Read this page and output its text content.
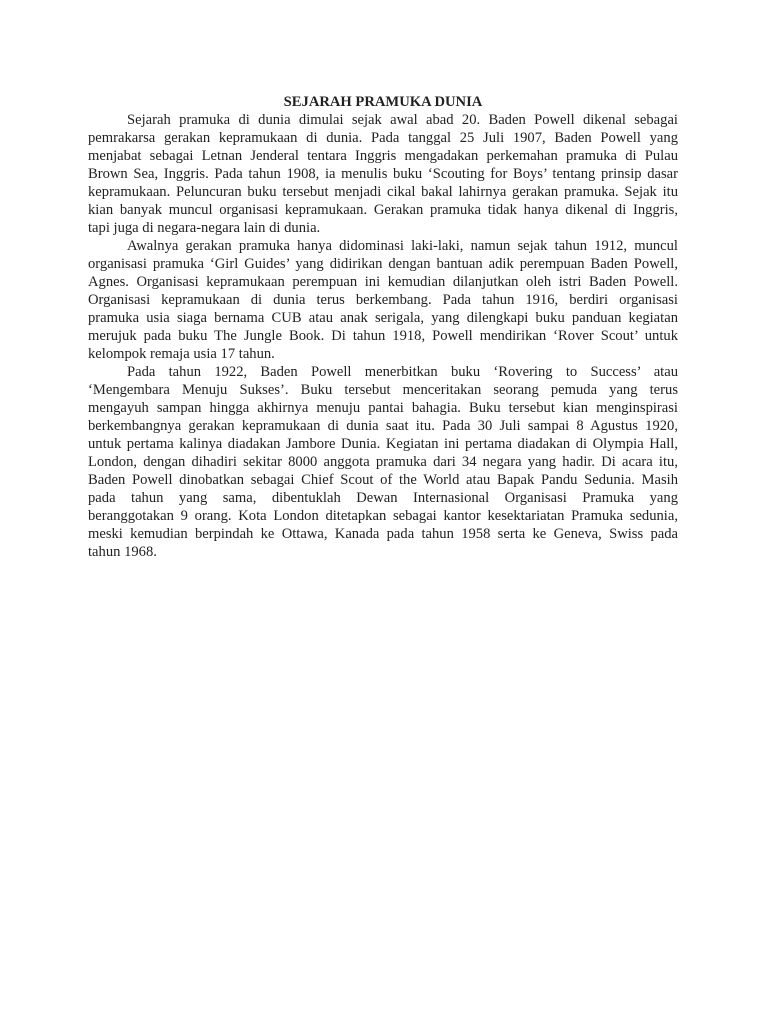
SEJARAH PRAMUKA DUNIA
Sejarah pramuka di dunia dimulai sejak awal abad 20. Baden Powell dikenal sebagai
pemrakarsa gerakan kepramukaan di dunia. Pada tanggal 25 Juli 1907, Baden Powell yang
menjabat sebagai Letnan Jenderal tentara Inggris mengadakan perkemahan pramuka di Pulau
Brown Sea, Inggris. Pada tahun 1908, ia menulis buku ‘Scouting for Boys’ tentang prinsip dasar
kepramukaan. Peluncuran buku tersebut menjadi cikal bakal lahirnya gerakan pramuka. Sejak itu
kian banyak muncul organisasi kepramukaan. Gerakan pramuka tidak hanya dikenal di Inggris,
tapi juga di negara-negara lain di dunia.
Awalnya gerakan pramuka hanya didominasi laki-laki, namun sejak tahun 1912, muncul
organisasi pramuka ‘Girl Guides’ yang didirikan dengan bantuan adik perempuan Baden Powell,
Agnes. Organisasi kepramukaan perempuan ini kemudian dilanjutkan oleh istri Baden Powell.
Organisasi kepramukaan di dunia terus berkembang. Pada tahun 1916, berdiri organisasi
pramuka usia siaga bernama CUB atau anak serigala, yang dilengkapi buku panduan kegiatan
merujuk pada buku The Jungle Book. Di tahun 1918, Powell mendirikan ‘Rover Scout’ untuk
kelompok remaja usia 17 tahun.
Pada tahun 1922, Baden Powell menerbitkan buku ‘Rovering to Success’ atau
‘Mengembara Menuju Sukses’. Buku tersebut menceritakan seorang pemuda yang terus
mengayuh sampan hingga akhirnya menuju pantai bahagia. Buku tersebut kian menginspirasi
berkembangnya gerakan kepramukaan di dunia saat itu. Pada 30 Juli sampai 8 Agustus 1920,
untuk pertama kalinya diadakan Jambore Dunia. Kegiatan ini pertama diadakan di Olympia Hall,
London, dengan dihadiri sekitar 8000 anggota pramuka dari 34 negara yang hadir. Di acara itu,
Baden Powell dinobatkan sebagai Chief Scout of the World atau Bapak Pandu Sedunia. Masih
pada tahun yang sama, dibentuklah Dewan Internasional Organisasi Pramuka yang
beranggotakan 9 orang. Kota London ditetapkan sebagai kantor kesektariatan Pramuka sedunia,
meski kemudian berpindah ke Ottawa, Kanada pada tahun 1958 serta ke Geneva, Swiss pada
tahun 1968.
